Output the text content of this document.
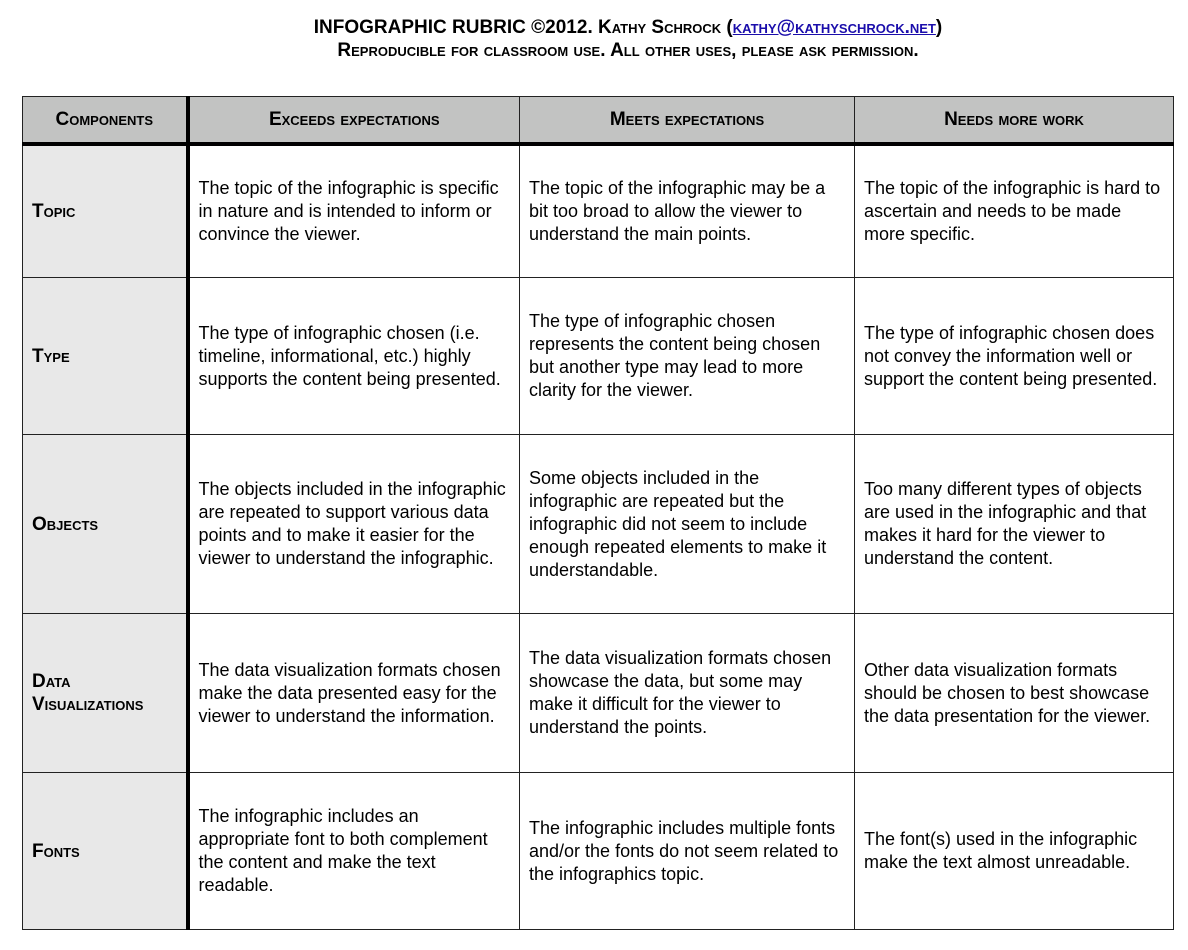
INFOGRAPHIC RUBRIC ©2012. Kathy Schrock (kathy@kathyschrock.net)
Reproducible for classroom use. All other uses, please ask permission.
Components	Exceeds expectations	Meets expectations	Needs more work
Topic	The topic of the infographic is specific in nature and is intended to inform or convince the viewer.	The topic of the infographic may be a bit too broad to allow the viewer to understand the main points.	The topic of the infographic is hard to ascertain and needs to be made more specific.
Type	The type of infographic chosen (i.e. timeline, informational, etc.) highly supports the content being presented.	The type of infographic chosen represents the content being chosen but another type may lead to more clarity for the viewer.	The type of infographic chosen does not convey the information well or support the content being presented.
Objects	The objects included in the infographic are repeated to support various data points and to make it easier for the viewer to understand the infographic.	Some objects included in the infographic are repeated but the infographic did not seem to include enough repeated elements to make it understandable.	Too many different types of objects are used in the infographic and that makes it hard for the viewer to understand the content.
Data Visualizations	The data visualization formats chosen make the data presented easy for the viewer to understand the information.	The data visualization formats chosen showcase the data, but some may make it difficult for the viewer to understand the points.	Other data visualization formats should be chosen to best showcase the data presentation for the viewer.
Fonts	The infographic includes an appropriate font to both complement the content and make the text readable.	The infographic includes multiple fonts and/or the fonts do not seem related to the infographics topic.	The font(s) used in the infographic make the text almost unreadable.
